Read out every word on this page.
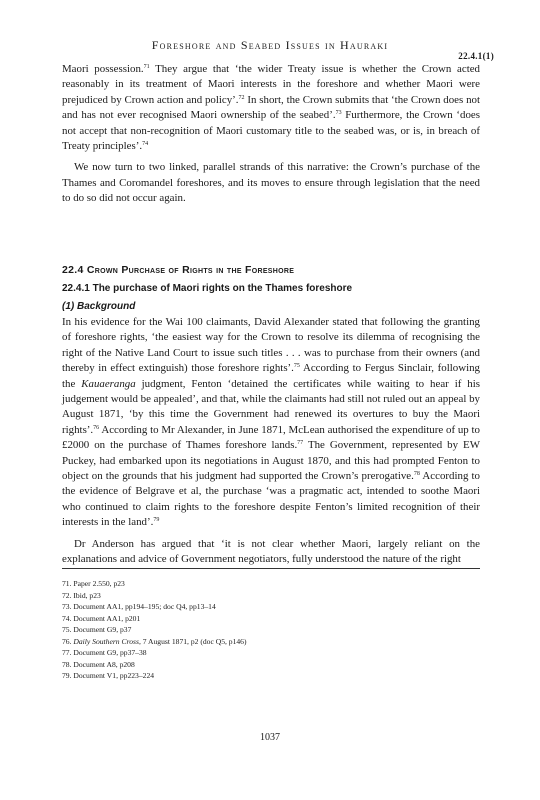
Foreshore and Seabed Issues in Hauraki
22.4.1(1)

Maori possession.$^{71}$ They argue that ‘the wider Treaty issue is whether the Crown acted reasonably in its treatment of Maori interests in the foreshore and whether Maori were prejudiced by Crown action and policy’.$^{72}$ In short, the Crown submits that ‘the Crown does not and has not ever recognised Maori ownership of the seabed’.$^{73}$ Furthermore, the Crown ‘does not accept that non-recognition of Maori customary title to the seabed was, or is, in breach of Treaty principles’.$^{74}$

We now turn to two linked, parallel strands of this narrative: the Crown’s purchase of the Thames and Coromandel foreshores, and its moves to ensure through legislation that the need to do so did not occur again.

22.4 Crown Purchase of Rights in the Foreshore
22.4.1 The purchase of Maori rights on the Thames foreshore
(1) Background

In his evidence for the Wai 100 claimants, David Alexander stated that following the granting of foreshore rights, ‘the easiest way for the Crown to resolve its dilemma of recognising the right of the Native Land Court to issue such titles . . . was to purchase from their owners (and thereby in effect extinguish) those foreshore rights’.$^{75}$ According to Fergus Sinclair, following the Kauaeranga judgment, Fenton ‘detained the certificates while waiting to hear if his judgement would be appealed’, and that, while the claimants had still not ruled out an appeal by August 1871, ‘by this time the Government had renewed its overtures to buy the Maori rights’.$^{76}$ According to Mr Alexander, in June 1871, McLean authorised the expenditure of up to £2000 on the purchase of Thames foreshore lands.$^{77}$ The Government, represented by EW Puckey, had embarked upon its negotiations in August 1870, and this had prompted Fenton to object on the grounds that his judgment had supported the Crown’s prerogative.$^{78}$ According to the evidence of Belgrave et al, the purchase ‘was a pragmatic act, intended to soothe Maori who continued to claim rights to the foreshore despite Fenton’s limited recognition of their interests in the land’.$^{79}$

Dr Anderson has argued that ‘it is not clear whether Maori, largely reliant on the explanations and advice of Government negotiators, fully understood the nature of the right

71. Paper 2.550, p23
72. Ibid, p23
73. Document AA1, pp194–195; doc Q4, pp13–14
74. Document AA1, p201
75. Document G9, p37
76. Daily Southern Cross, 7 August 1871, p2 (doc Q5, p146)
77. Document G9, pp37–38
78. Document A8, p208
79. Document V1, pp223–224
1037
